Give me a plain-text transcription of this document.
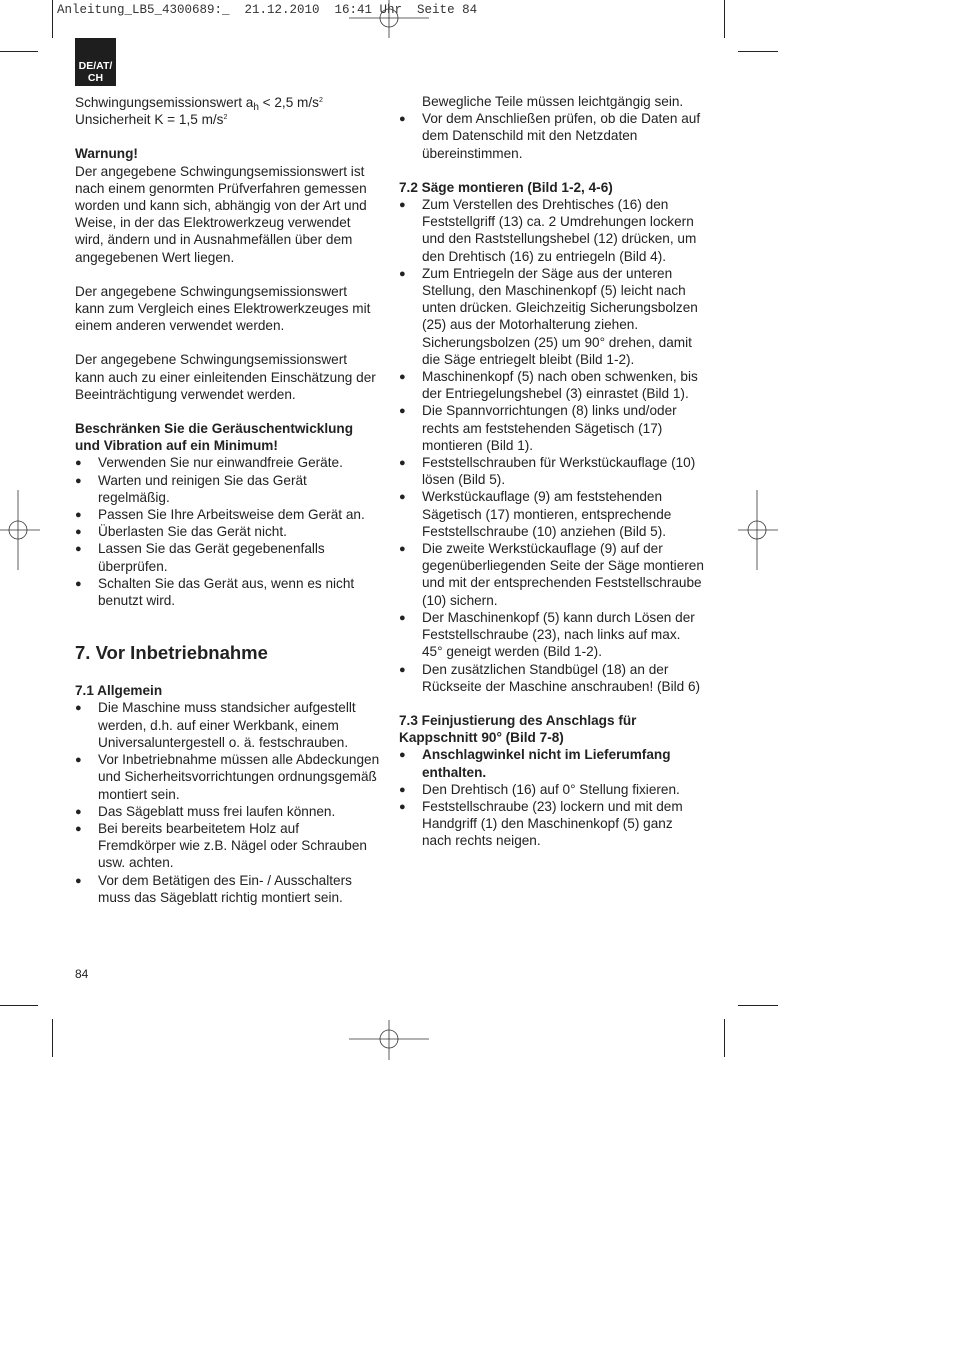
Anleitung_LB5_4300689:_  21.12.2010  16:41 Uhr  Seite 84
DE/AT/
CH

Schwingungsemissionswert $a_h < 2,5$ $m/s^2$

Unsicherheit K = 1,5 $m/s^2$

Warnung!

Der angegebene Schwingungsemissionswert ist nach einem genormten Prüfverfahren gemessen worden und kann sich, abhängig von der Art und Weise, in der das Elektrowerkzeug verwendet wird, ändern und in Ausnahmefällen über dem angegebenen Wert liegen.

Der angegebene Schwingungsemissionswert kann zum Vergleich eines Elektrowerkzeuges mit einem anderen verwendet werden.

Der angegebene Schwingungsemissionswert kann auch zu einer einleitenden Einschätzung der Beeinträchtigung verwendet werden.

Beschränken Sie die Geräuschentwicklung und Vibration auf ein Minimum!

● Verwenden Sie nur einwandfreie Geräte.
● Warten und reinigen Sie das Gerät regelmäßig.
● Passen Sie Ihre Arbeitsweise dem Gerät an.
● Überlasten Sie das Gerät nicht.
● Lassen Sie das Gerät gegebenenfalls überprüfen.
● Schalten Sie das Gerät aus, wenn es nicht benutzt wird.

7. Vor Inbetriebnahme

7.1 Allgemein

● Die Maschine muss standsicher aufgestellt werden, d.h. auf einer Werkbank, einem Universaluntergestell o. ä. festschrauben.
● Vor Inbetriebnahme müssen alle Abdeckungen und Sicherheitsvorrichtungen ordnungsgemäß montiert sein.
● Das Sägeblatt muss frei laufen können.
● Bei bereits bearbeitetem Holz auf Fremdkörper wie z.B. Nägel oder Schrauben usw. achten.
● Vor dem Betätigen des Ein- / Ausschalters muss das Sägeblatt richtig montiert sein.

Bewegliche Teile müssen leichtgängig sein.

● Vor dem Anschließen prüfen, ob die Daten auf dem Datenschild mit den Netzdaten übereinstimmen.

7.2 Säge montieren (Bild 1-2, 4-6)

● Zum Verstellen des Drehtisches (16) den Feststellgriff (13) ca. 2 Umdrehungen lockern und den Raststellungshebel (12) drücken, um den Drehtisch (16) zu entriegeln (Bild 4).
● Zum Entriegeln der Säge aus der unteren Stellung, den Maschinenkopf (5) leicht nach unten drücken. Gleichzeitig Sicherungsbolzen (25) aus der Motorhalterung ziehen. Sicherungsbolzen (25) um 90° drehen, damit die Säge entriegelt bleibt (Bild 1-2).
● Maschinenkopf (5) nach oben schwenken, bis der Entriegelungshebel (3) einrastet (Bild 1).
● Die Spannvorrichtungen (8) links und/oder rechts am feststehenden Sägetisch (17) montieren (Bild 1).
● Feststellschrauben für Werkstückauflage (10) lösen (Bild 5).
● Werkstückauflage (9) am feststehenden Sägetisch (17) montieren, entsprechende Feststellschraube (10) anziehen (Bild 5).
● Die zweite Werkstückauflage (9) auf der gegenüberliegenden Seite der Säge montieren und mit der entsprechenden Feststellschraube (10) sichern.
● Der Maschinenkopf (5) kann durch Lösen der Feststellschraube (23), nach links auf max. 45° geneigt werden (Bild 1-2).
● Den zusätzlichen Standbügel (18) an der Rückseite der Maschine anschrauben! (Bild 6)

7.3 Feinjustierung des Anschlags für Kappschnitt 90° (Bild 7-8)

● Anschlagwinkel nicht im Lieferumfang enthalten.
● Den Drehtisch (16) auf 0° Stellung fixieren.
● Feststellschraube (23) lockern und mit dem Handgriff (1) den Maschinenkopf (5) ganz nach rechts neigen.
84
